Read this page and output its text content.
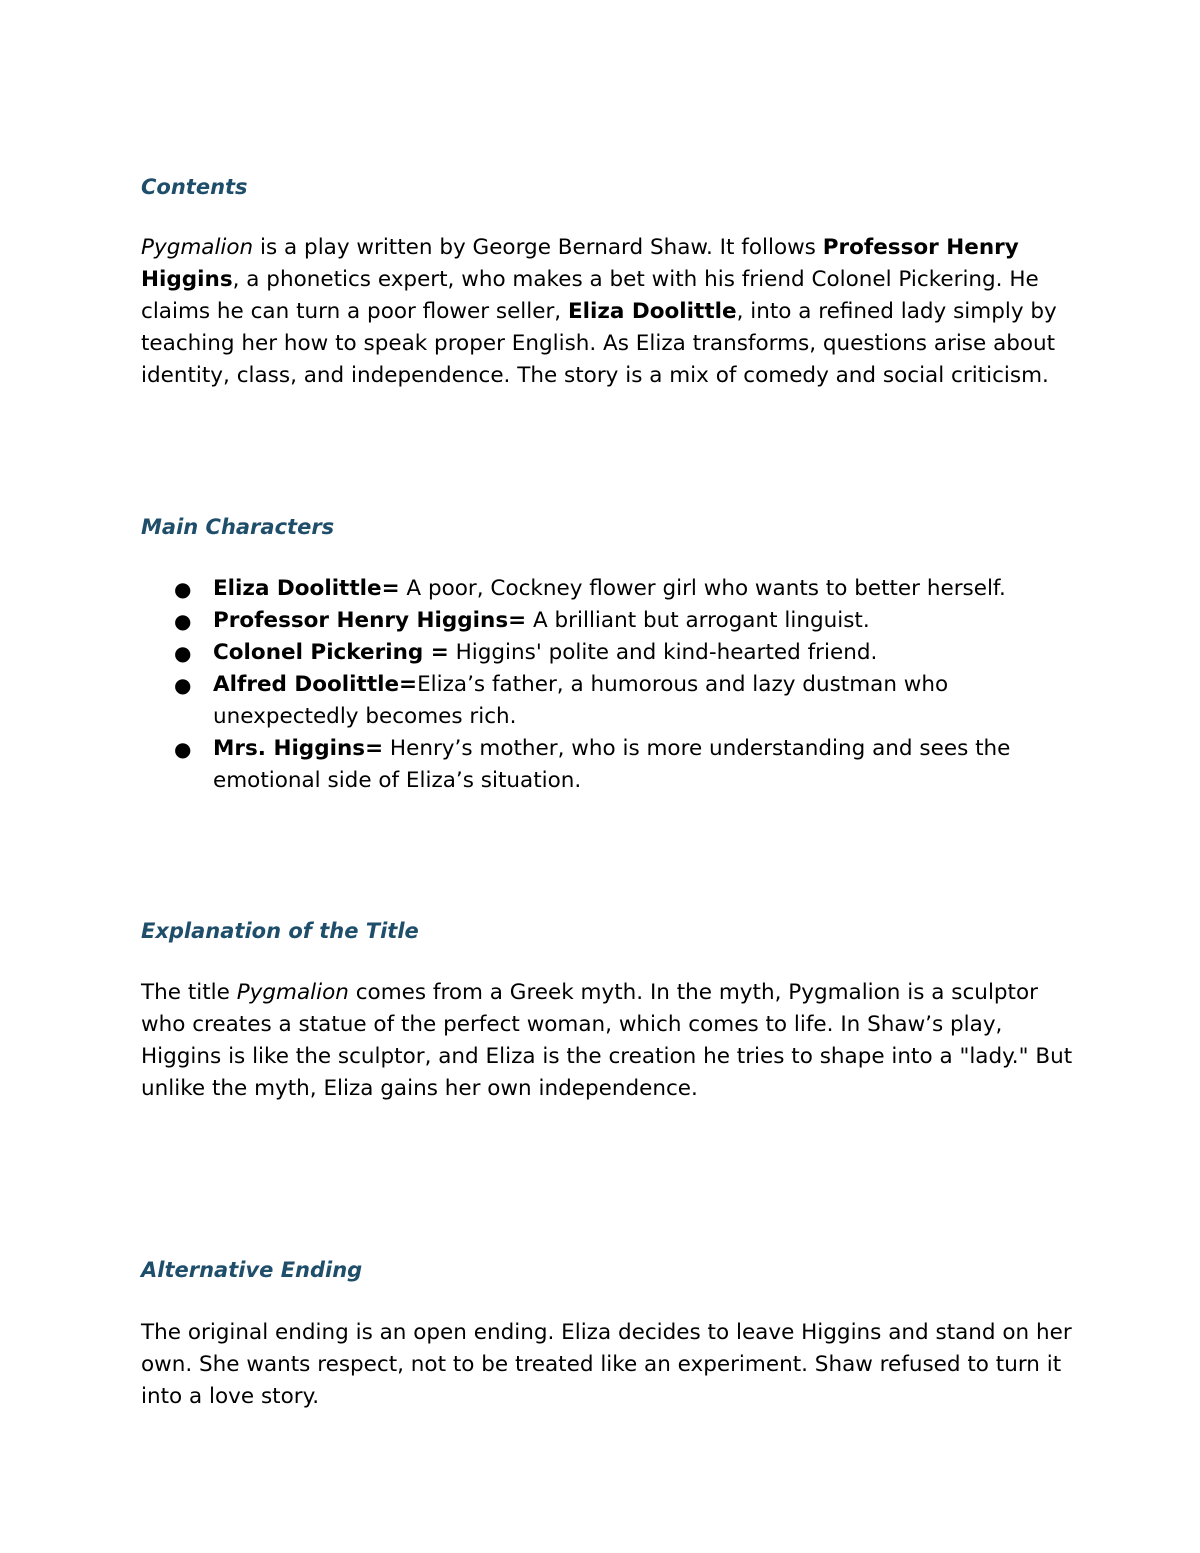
Contents

Pygmalion is a play written by George Bernard Shaw. It follows Professor Henry Higgins, a phonetics expert, who makes a bet with his friend Colonel Pickering. He claims he can turn a poor flower seller, Eliza Doolittle, into a refined lady simply by teaching her how to speak proper English. As Eliza transforms, questions arise about identity, class, and independence. The story is a mix of comedy and social criticism.

Main Characters
● Eliza Doolittle= A poor, Cockney flower girl who wants to better herself.
● Professor Henry Higgins= A brilliant but arrogant linguist.
● Colonel Pickering = Higgins' polite and kind-hearted friend.
● Alfred Doolittle=Eliza’s father, a humorous and lazy dustman who unexpectedly becomes rich.
● Mrs. Higgins= Henry’s mother, who is more understanding and sees the emotional side of Eliza’s situation.
Explanation of the Title

The title Pygmalion comes from a Greek myth. In the myth, Pygmalion is a sculptor who creates a statue of the perfect woman, which comes to life. In Shaw’s play, Higgins is like the sculptor, and Eliza is the creation he tries to shape into a "lady." But unlike the myth, Eliza gains her own independence.

Alternative Ending

The original ending is an open ending. Eliza decides to leave Higgins and stand on her own. She wants respect, not to be treated like an experiment. Shaw refused to turn it into a love story.
